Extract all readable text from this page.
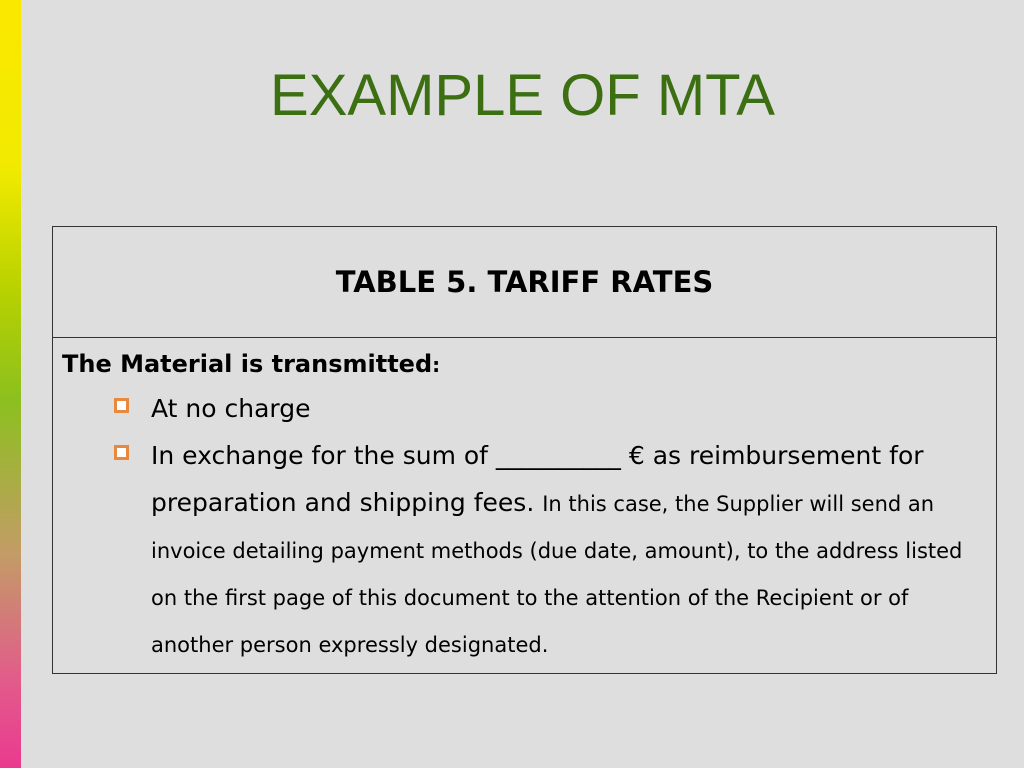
EXAMPLE OF MTA
TABLE 5. TARIFF RATES
The Material is transmitted:
At no charge
In exchange for the sum of __________ € as reimbursement for preparation and shipping fees. In this case, the Supplier will send an invoice detailing payment methods (due date, amount), to the address listed on the first page of this document to the attention of the Recipient or of another person expressly designated.
